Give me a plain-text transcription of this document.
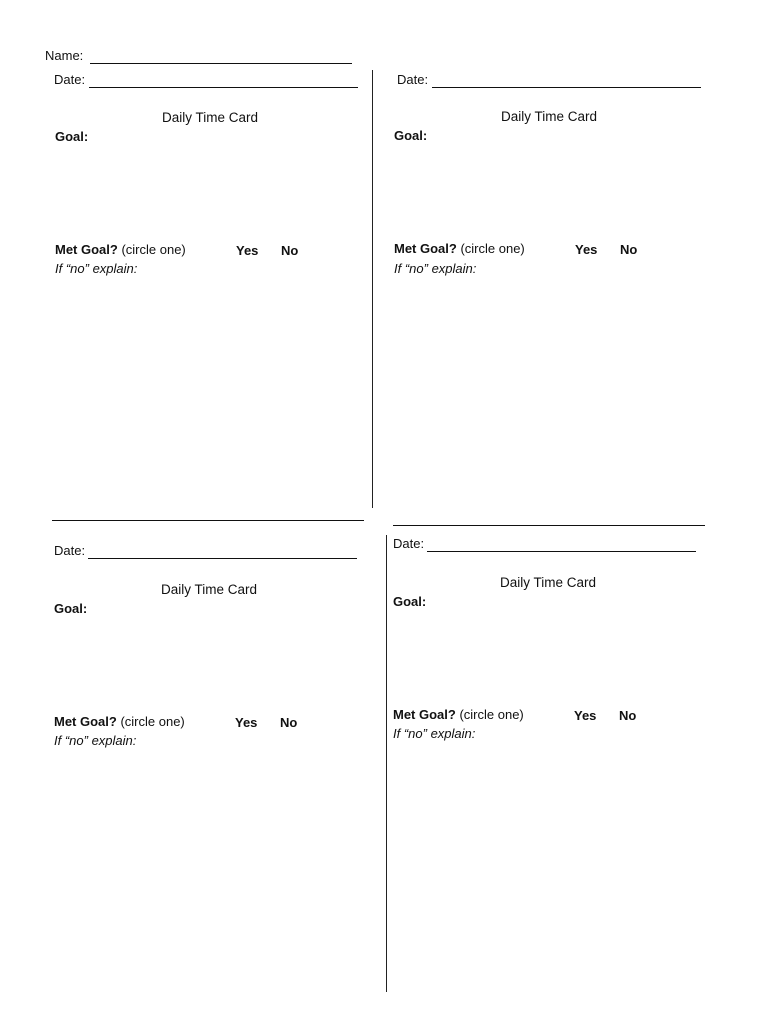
Name:
Date:
Daily Time Card
Goal:
Met Goal? (circle one)	Yes No
If “no” explain:
Date:
Daily Time Card
Goal:
Met Goal? (circle one)	Yes No
If “no” explain:
Date:
Daily Time Card
Goal:
Met Goal? (circle one)	Yes No
If “no” explain:
Date:
Daily Time Card
Goal:
Met Goal? (circle one)	Yes No
If “no” explain:
